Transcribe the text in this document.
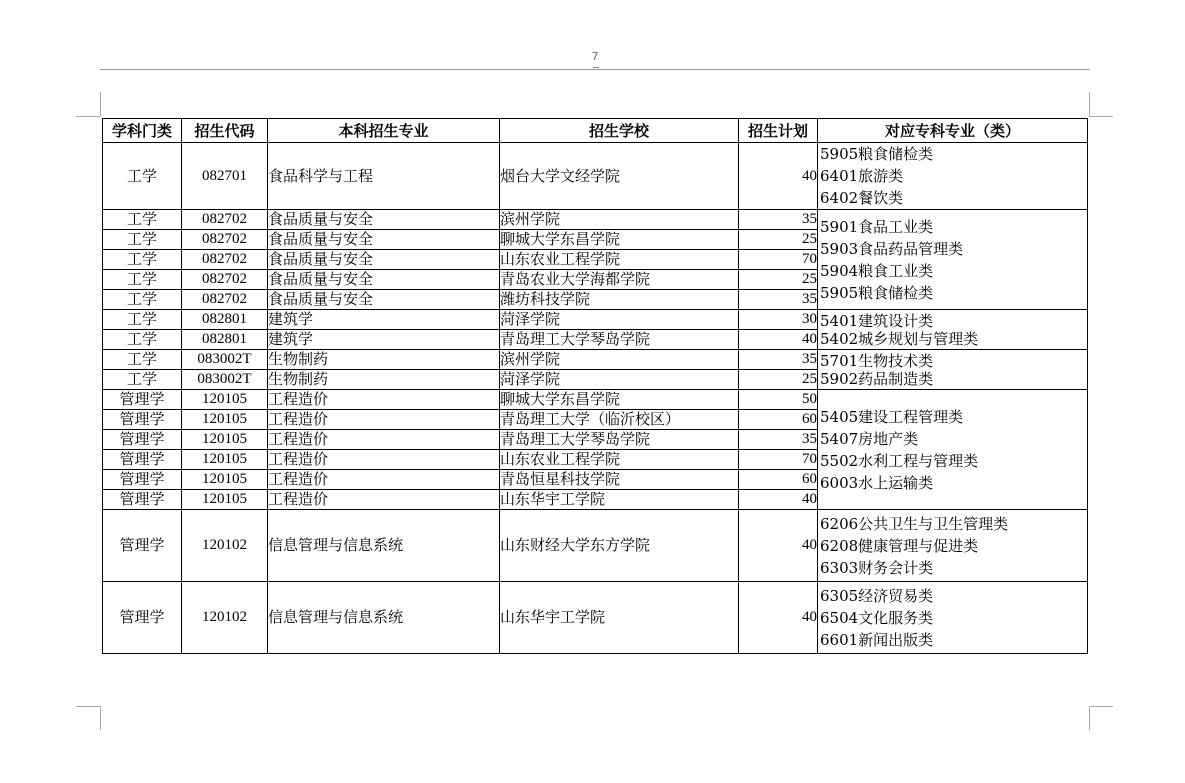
7
学科门类	招生代码	本科招生专业	招生学校	招生计划	对应专科专业（类）
工学	082701	食品科学与工程	烟台大学文经学院	40	5905粮食储检类
6401旅游类
6402餐饮类

工学	082702	食品质量与安全	滨州学院	35	5901食品工业类
5903食品药品管理类
5904粮食工业类
5905粮食储检类

工学	082702	食品质量与安全	聊城大学东昌学院	25	
工学	082702	食品质量与安全	山东农业工程学院	70	
工学	082702	食品质量与安全	青岛农业大学海都学院	25	
工学	082702	食品质量与安全	潍坊科技学院	35	
工学	082801	建筑学	菏泽学院	30	5401建筑设计类
5402城乡规划与管理类

工学	082801	建筑学	青岛理工大学琴岛学院	40	
工学	083002T	生物制药	滨州学院	35	5701生物技术类
5902药品制造类

工学	083002T	生物制药	菏泽学院	25	
管理学	120105	工程造价	聊城大学东昌学院	50	5405建设工程管理类
5407房地产类
5502水利工程与管理类
6003水上运输类

管理学	120105	工程造价	青岛理工大学（临沂校区）	60	
管理学	120105	工程造价	青岛理工大学琴岛学院	35	
管理学	120105	工程造价	山东农业工程学院	70	
管理学	120105	工程造价	青岛恒星科技学院	60	
管理学	120105	工程造价	山东华宇工学院	40	
管理学	120102	信息管理与信息系统	山东财经大学东方学院	40	6206公共卫生与卫生管理类
6208健康管理与促进类
6303财务会计类

管理学	120102	信息管理与信息系统	山东华宇工学院	40	6305经济贸易类
6504文化服务类
6601新闻出版类
